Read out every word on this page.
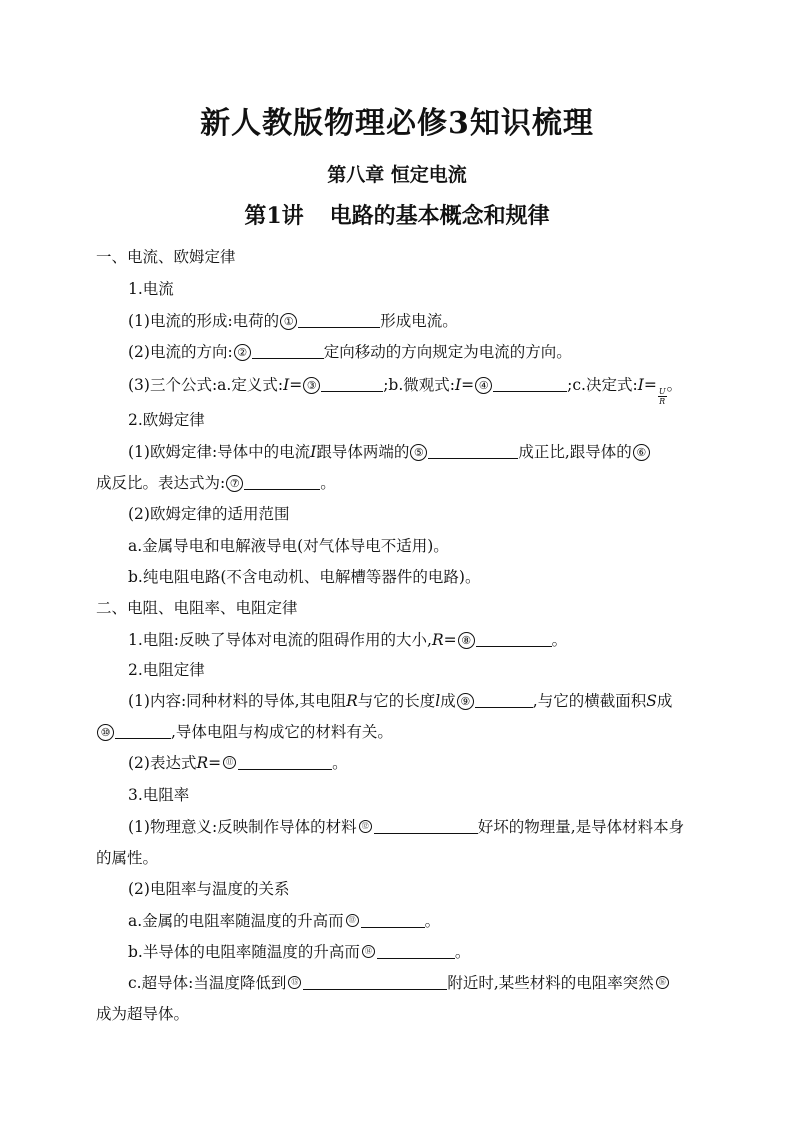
新人教版物理必修3知识梳理
第八章 恒定电流
第1讲 电路的基本概念和规律
一、电流、欧姆定律
1.电流
(1)电流的形成:电荷的 ①	形成电流。
(2)电流的方向: ②	定向移动的方向规定为电流的方向。
(3)三个公式:a.定义式:I= ③	;b.微观式:I= ④	;c.决定式:I=
$\frac{U}{R}$
。
2.欧姆定律
(1)欧姆定律:导体中的电流I跟导体两端的 ⑤	成正比,跟导体的 ⑥
成反比。表达式为: ⑦	。
(2)欧姆定律的适用范围
a.金属导电和电解液导电(对气体导电不适用)。
b.纯电阻电路(不含电动机、电解槽等器件的电路)。
二、电阻、电阻率、电阻定律
1.电阻:反映了导体对电流的阻碍作用的大小,R= ⑧	。
2.电阻定律
(1)内容:同种材料的导体,其电阻R与它的长度l成 ⑨	,与它的横截面积S成
⑩	,导体电阻与构成它的材料有关。
(2)表达式R= ⑪	。
3.电阻率
(1)物理意义:反映制作导体的材料 ⑫	好坏的物理量,是导体材料本身
的属性。
(2)电阻率与温度的关系
a.金属的电阻率随温度的升高而 ⑬	。
b.半导体的电阻率随温度的升高而 ⑭	。
c.超导体:当温度降低到 ⑮	附近时,某些材料的电阻率突然 ⑯
成为超导体。
